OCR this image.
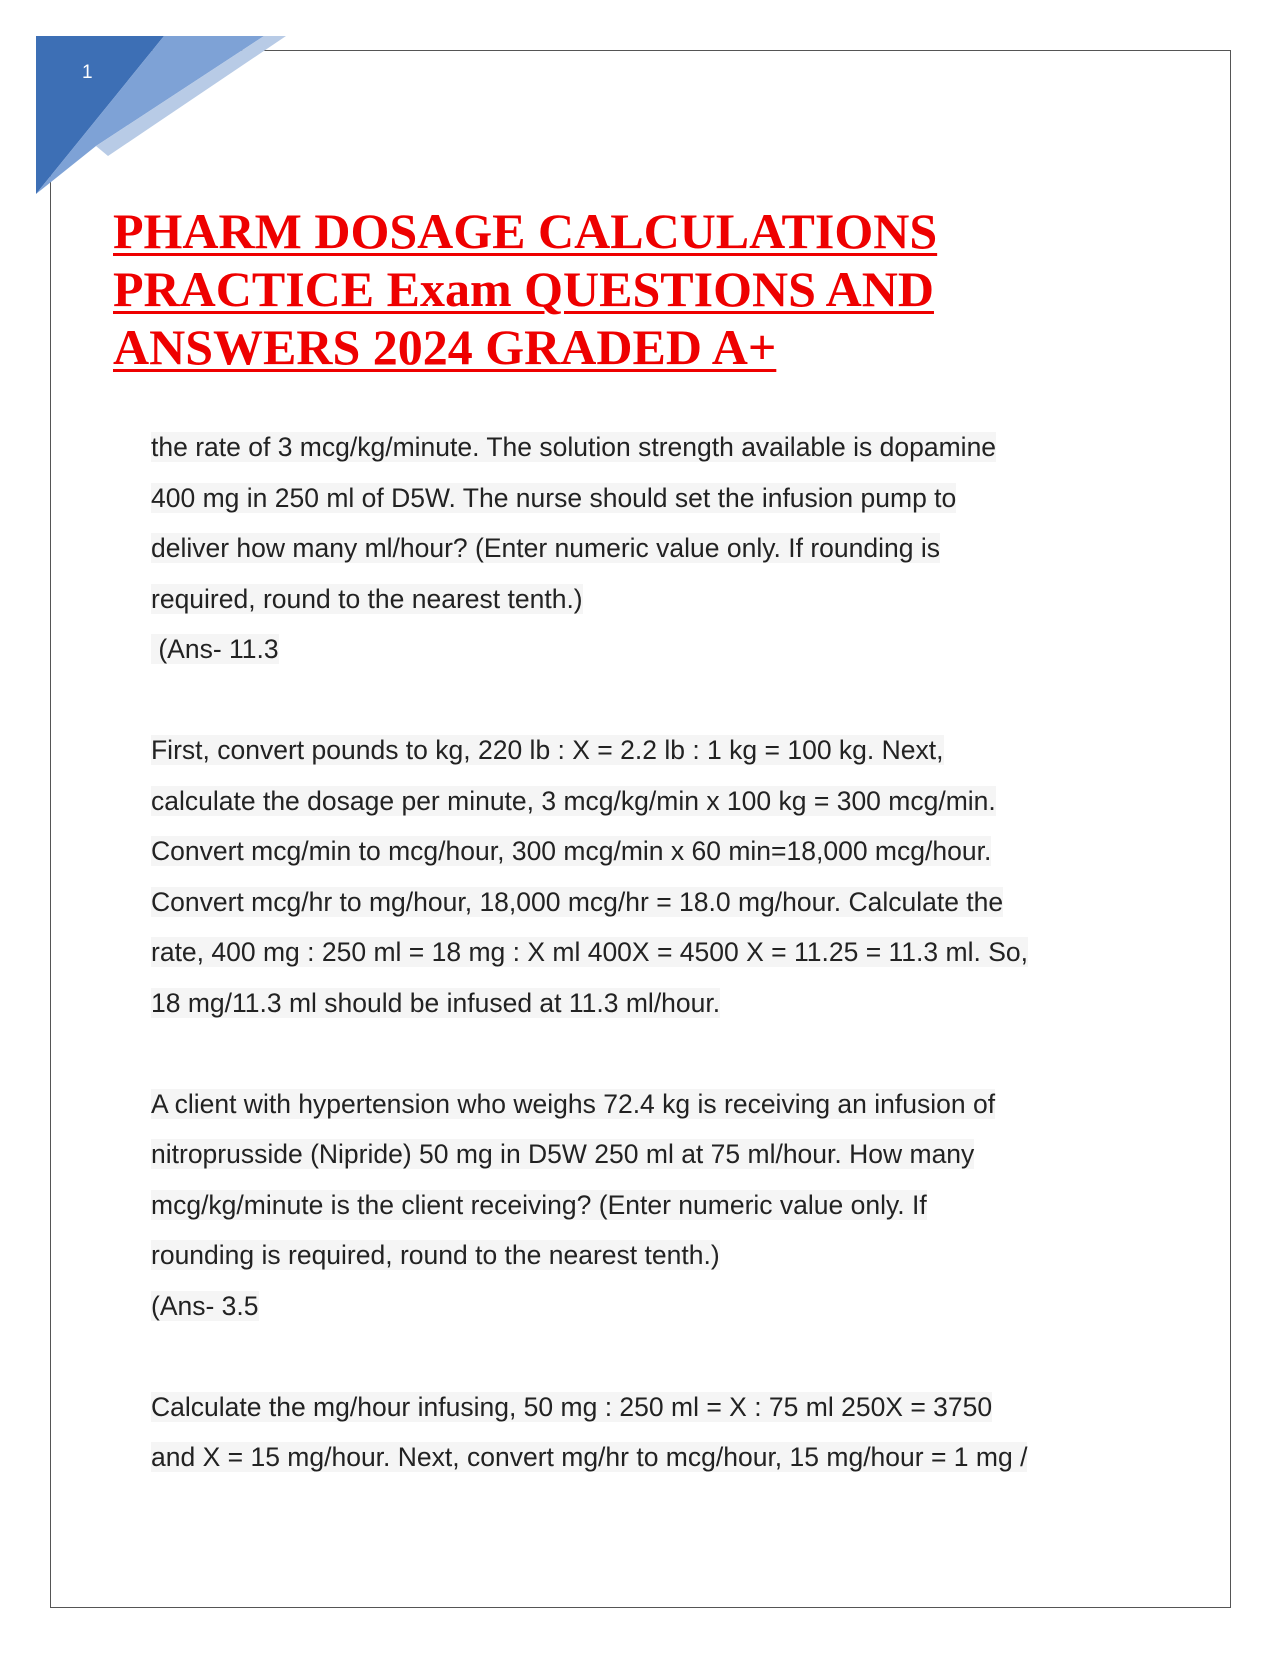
1
PHARM DOSAGE CALCULATIONS
PRACTICE Exam QUESTIONS AND
ANSWERS 2024 GRADED A+
the rate of 3 mcg/kg/minute. The solution strength available is dopamine
400 mg in 250 ml of D5W. The nurse should set the infusion pump to
deliver how many ml/hour? (Enter numeric value only. If rounding is
required, round to the nearest tenth.)
(Ans- 11.3
First, convert pounds to kg, 220 lb : X = 2.2 lb : 1 kg = 100 kg. Next,
calculate the dosage per minute, 3 mcg/kg/min x 100 kg = 300 mcg/min.
Convert mcg/min to mcg/hour, 300 mcg/min x 60 min=18,000 mcg/hour.
Convert mcg/hr to mg/hour, 18,000 mcg/hr = 18.0 mg/hour. Calculate the
rate, 400 mg : 250 ml = 18 mg : X ml 400X = 4500 X = 11.25 = 11.3 ml. So,
18 mg/11.3 ml should be infused at 11.3 ml/hour.
A client with hypertension who weighs 72.4 kg is receiving an infusion of
nitroprusside (Nipride) 50 mg in D5W 250 ml at 75 ml/hour. How many
mcg/kg/minute is the client receiving? (Enter numeric value only. If
rounding is required, round to the nearest tenth.)
(Ans- 3.5
Calculate the mg/hour infusing, 50 mg : 250 ml = X : 75 ml 250X = 3750
and X = 15 mg/hour. Next, convert mg/hr to mcg/hour, 15 mg/hour = 1 mg /
